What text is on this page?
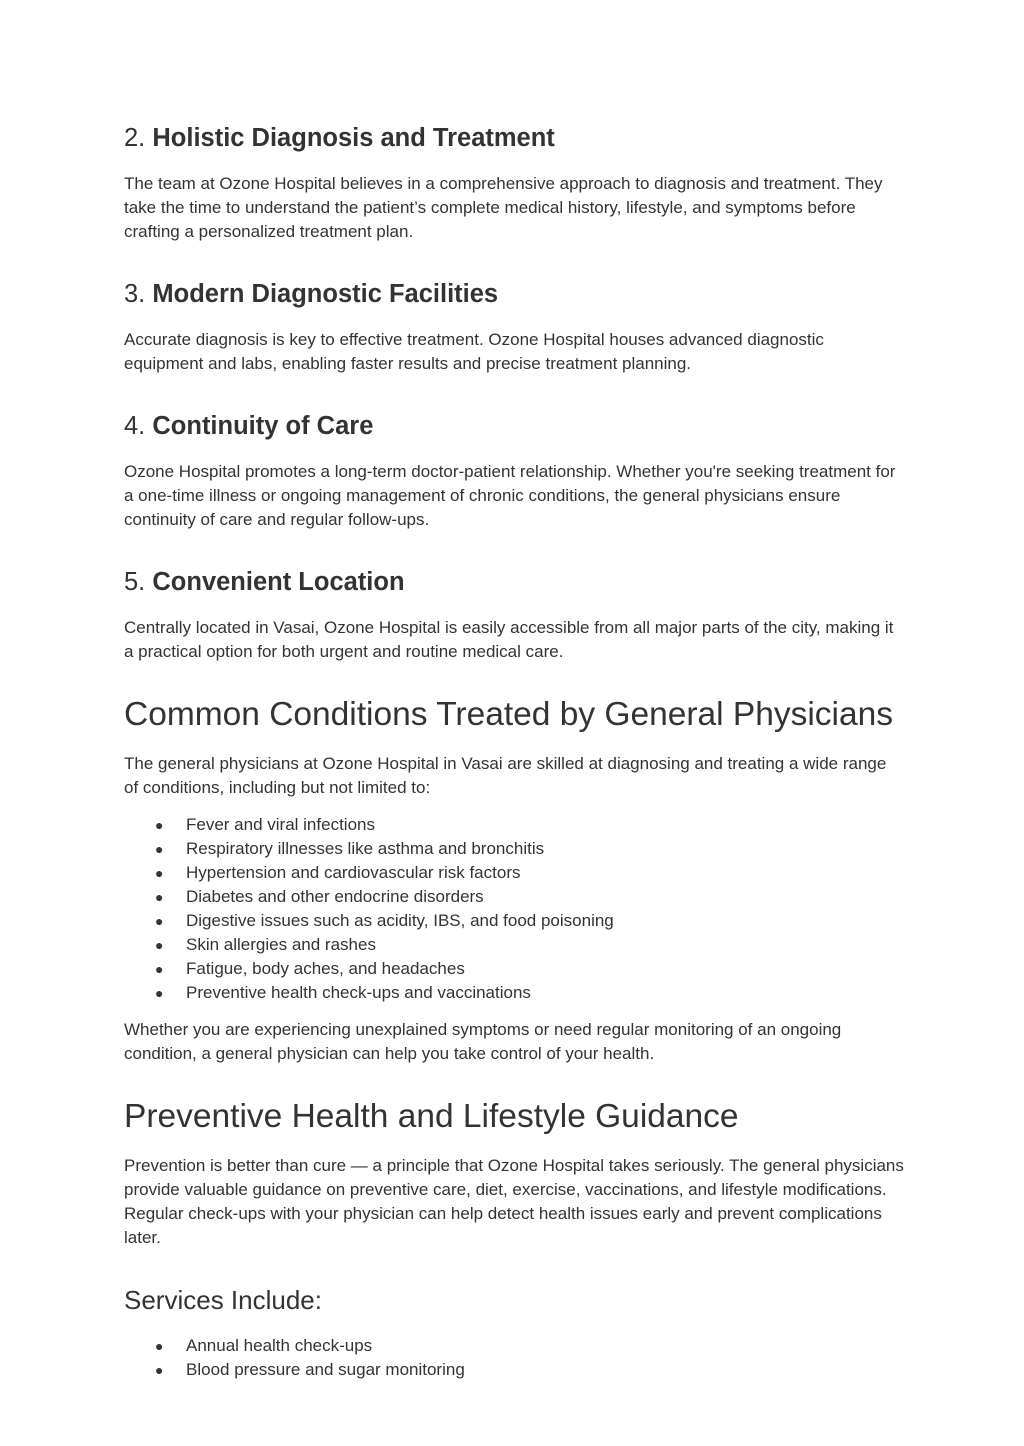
2. Holistic Diagnosis and Treatment

The team at Ozone Hospital believes in a comprehensive approach to diagnosis and treatment. They take the time to understand the patient’s complete medical history, lifestyle, and symptoms before crafting a personalized treatment plan.

3. Modern Diagnostic Facilities

Accurate diagnosis is key to effective treatment. Ozone Hospital houses advanced diagnostic equipment and labs, enabling faster results and precise treatment planning.

4. Continuity of Care

Ozone Hospital promotes a long-term doctor-patient relationship. Whether you're seeking treatment for a one-time illness or ongoing management of chronic conditions, the general physicians ensure continuity of care and regular follow-ups.

5. Convenient Location

Centrally located in Vasai, Ozone Hospital is easily accessible from all major parts of the city, making it a practical option for both urgent and routine medical care.

Common Conditions Treated by General Physicians

The general physicians at Ozone Hospital in Vasai are skilled at diagnosing and treating a wide range of conditions, including but not limited to:

● Fever and viral infections
● Respiratory illnesses like asthma and bronchitis
● Hypertension and cardiovascular risk factors
● Diabetes and other endocrine disorders
● Digestive issues such as acidity, IBS, and food poisoning
● Skin allergies and rashes
● Fatigue, body aches, and headaches
● Preventive health check-ups and vaccinations

Whether you are experiencing unexplained symptoms or need regular monitoring of an ongoing condition, a general physician can help you take control of your health.

Preventive Health and Lifestyle Guidance

Prevention is better than cure — a principle that Ozone Hospital takes seriously. The general physicians provide valuable guidance on preventive care, diet, exercise, vaccinations, and lifestyle modifications. Regular check-ups with your physician can help detect health issues early and prevent complications later.

Services Include:
● Annual health check-ups
● Blood pressure and sugar monitoring
